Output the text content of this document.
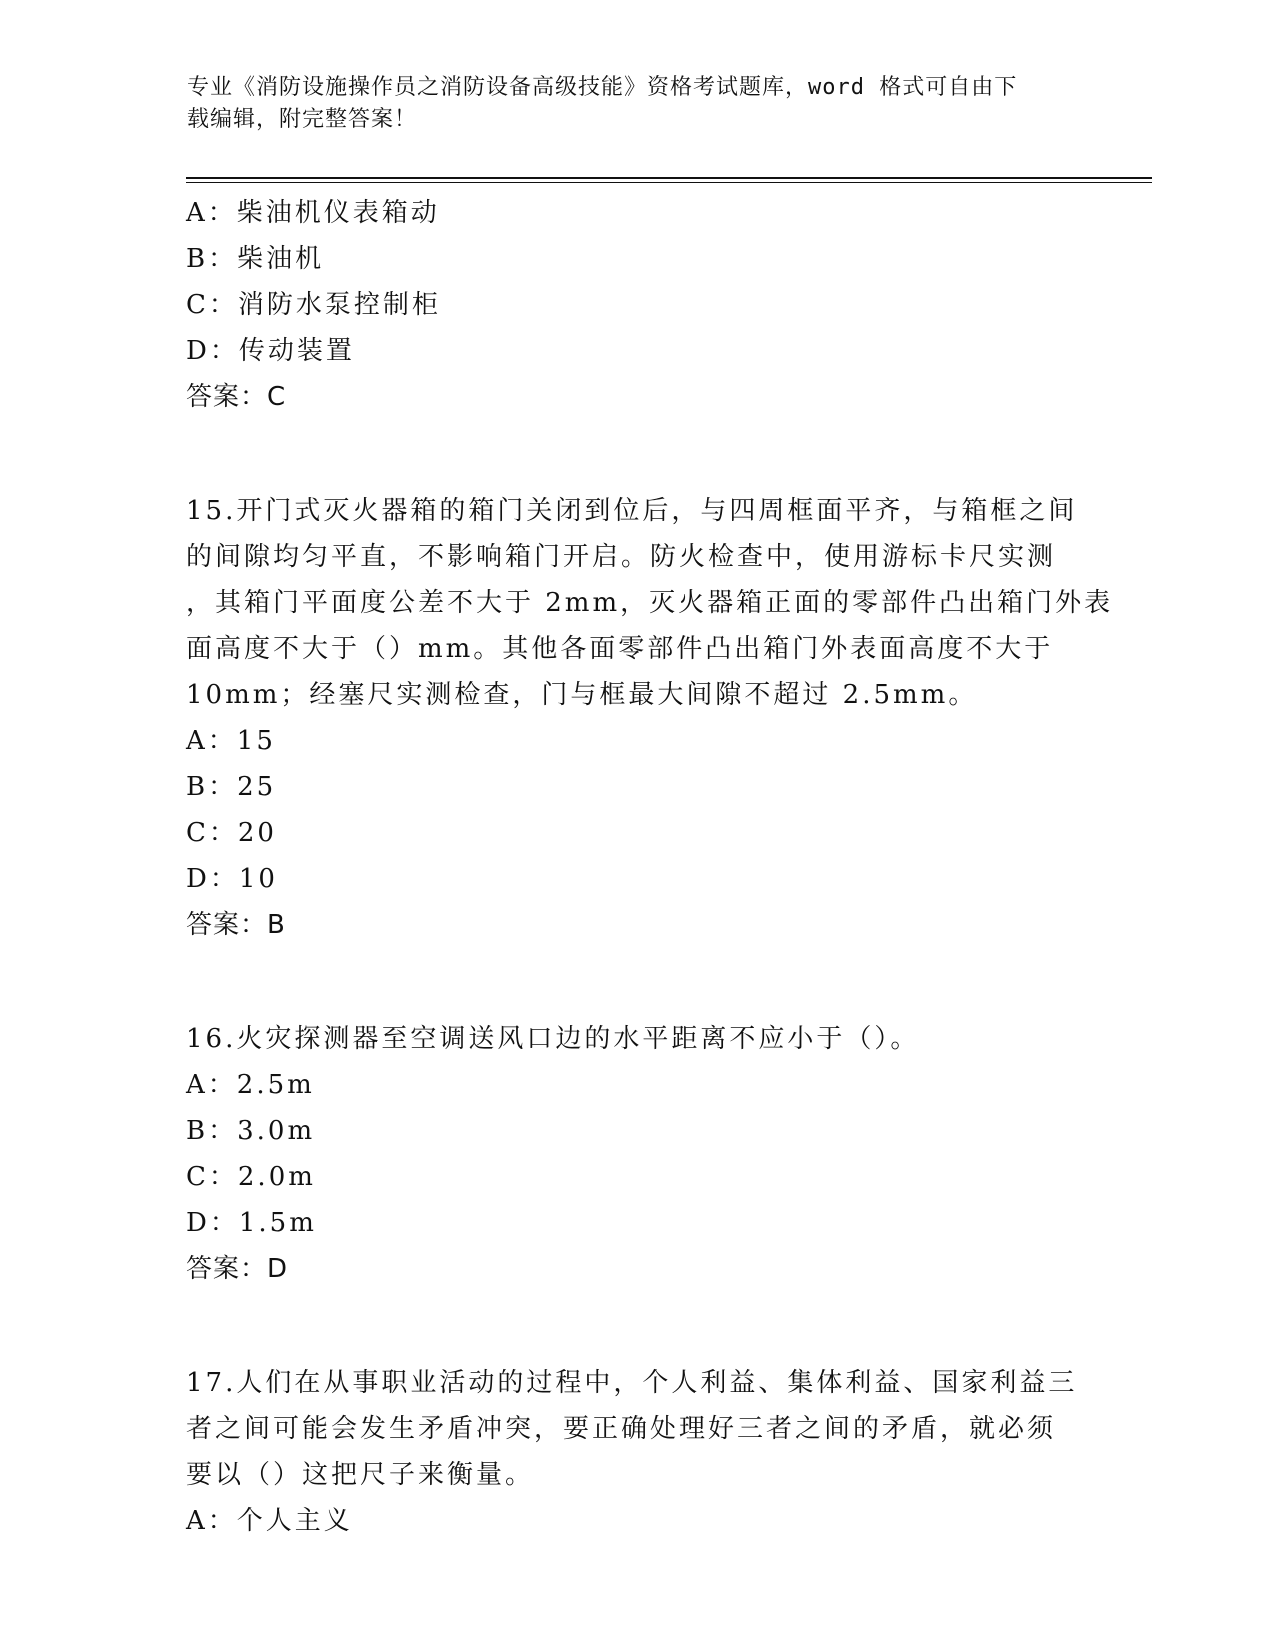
专业《消防设施操作员之消防设备高级技能》资格考试题库，word 格式可自由下
载编辑，附完整答案！
A：柴油机仪表箱动
B：柴油机
C：消防水泵控制柜
D：传动装置
答案：C
15.开门式灭火器箱的箱门关闭到位后，与四周框面平齐，与箱框之间
的间隙均匀平直，不影响箱门开启。防火检查中，使用游标卡尺实测
，其箱门平面度公差不大于 2mm，灭火器箱正面的零部件凸出箱门外表
面高度不大于（）mm。其他各面零部件凸出箱门外表面高度不大于
10mm；经塞尺实测检查，门与框最大间隙不超过 2.5mm。
A：15
B：25
C：20
D：10
答案：B
16.火灾探测器至空调送风口边的水平距离不应小于（）。
A：2.5m
B：3.0m
C：2.0m
D：1.5m
答案：D
17.人们在从事职业活动的过程中，个人利益、集体利益、国家利益三
者之间可能会发生矛盾冲突，要正确处理好三者之间的矛盾，就必须
要以（）这把尺子来衡量。
A：个人主义
